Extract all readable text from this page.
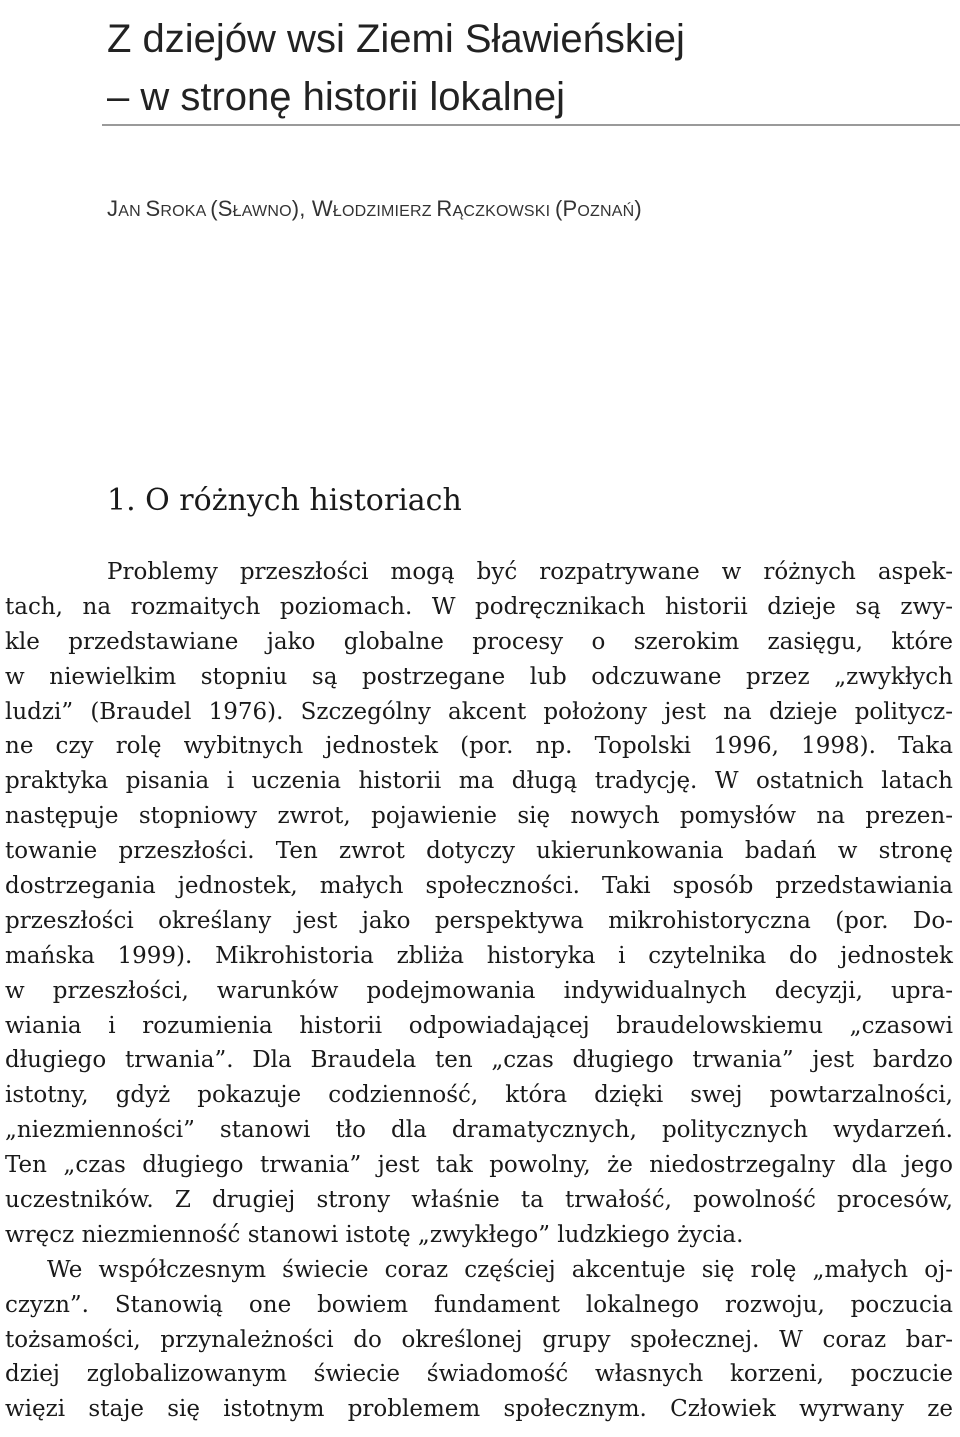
Z dziejów wsi Ziemi Sławieńskiej
– w stronę historii lokalnej
JAN SROKA (SŁAWNO), WŁODZIMIERZ RĄCZKOWSKI (POZNAŃ)
1. O różnych historiach
Problemy przeszłości mogą być rozpatrywane w różnych aspek-
tach, na rozmaitych poziomach. W podręcznikach historii dzieje są zwy-
kle przedstawiane jako globalne procesy o szerokim zasięgu, które
w niewielkim stopniu są postrzegane lub odczuwane przez „zwykłych
ludzi” (Braudel 1976). Szczególny akcent położony jest na dzieje politycz-
ne czy rolę wybitnych jednostek (por. np. Topolski 1996, 1998). Taka
praktyka pisania i uczenia historii ma długą tradycję. W ostatnich latach
następuje stopniowy zwrot, pojawienie się nowych pomysłów na prezen-
towanie przeszłości. Ten zwrot dotyczy ukierunkowania badań w stronę
dostrzegania jednostek, małych społeczności. Taki sposób przedstawiania
przeszłości określany jest jako perspektywa mikrohistoryczna (por. Do-
mańska 1999). Mikrohistoria zbliża historyka i czytelnika do jednostek
w przeszłości, warunków podejmowania indywidualnych decyzji, upra-
wiania i rozumienia historii odpowiadającej braudelowskiemu „czasowi
długiego trwania”. Dla Braudela ten „czas długiego trwania” jest bardzo
istotny, gdyż pokazuje codzienność, która dzięki swej powtarzalności,
„niezmienności” stanowi tło dla dramatycznych, politycznych wydarzeń.
Ten „czas długiego trwania” jest tak powolny, że niedostrzegalny dla jego
uczestników. Z drugiej strony właśnie ta trwałość, powolność procesów,
wręcz niezmienność stanowi istotę „zwykłego” ludzkiego życia.
We współczesnym świecie coraz częściej akcentuje się rolę „małych oj-
czyzn”. Stanowią one bowiem fundament lokalnego rozwoju, poczucia
tożsamości, przynależności do określonej grupy społecznej. W coraz bar-
dziej zglobalizowanym świecie świadomość własnych korzeni, poczucie
więzi staje się istotnym problemem społecznym. Człowiek wyrwany ze
